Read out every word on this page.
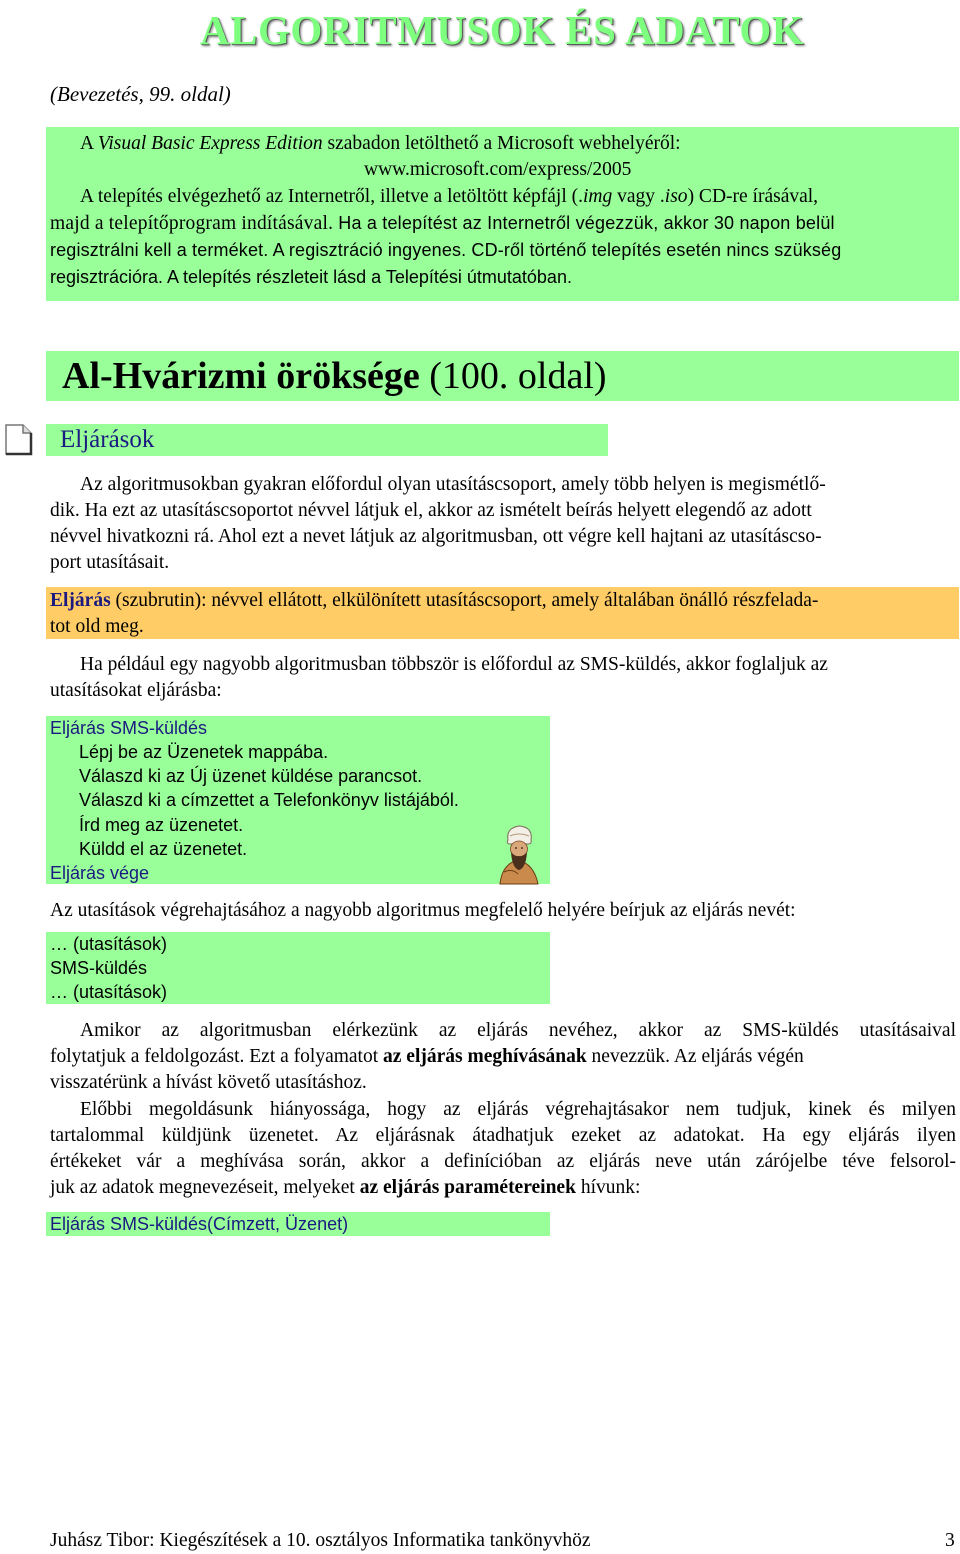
ALGORITMUSOK ÉS ADATOK
(Bevezetés, 99. oldal)
A Visual Basic Express Edition szabadon letölthető a Microsoft webhelyéről:
www.microsoft.com/express/2005
A telepítés elvégezhető az Internetről, illetve a letöltött képfájl (.img vagy .iso) CD-re írásával,
majd a telepítőprogram indításával. Ha a telepítést az Internetről végezzük, akkor 30 napon belül
regisztrálni kell a terméket. A regisztráció ingyenes. CD-ről történő telepítés esetén nincs szükség
regisztrációra. A telepítés részleteit lásd a Telepítési útmutatóban.
Al-Hvárizmi öröksége (100. oldal)
Eljárások
Az algoritmusokban gyakran előfordul olyan utasításcsoport, amely több helyen is megismétlő-
dik. Ha ezt az utasításcsoportot névvel látjuk el, akkor az ismételt beírás helyett elegendő az adott
névvel hivatkozni rá. Ahol ezt a nevet látjuk az algoritmusban, ott végre kell hajtani az utasításcso-
port utasításait.
Eljárás (szubrutin): névvel ellátott, elkülönített utasításcsoport, amely általában önálló részfelada-
tot old meg.
Ha például egy nagyobb algoritmusban többször is előfordul az SMS-küldés, akkor foglaljuk az
utasításokat eljárásba:
Eljárás SMS-küldés
Lépj be az Üzenetek mappába.
Válaszd ki az Új üzenet küldése parancsot.
Válaszd ki a címzettet a Telefonkönyv listájából.
Írd meg az üzenetet.
Küldd el az üzenetet.
Eljárás vége
Az utasítások végrehajtásához a nagyobb algoritmus megfelelő helyére beírjuk az eljárás nevét:
… (utasítások)
SMS-küldés
… (utasítások)
Amikor az algoritmusban elérkezünk az eljárás nevéhez, akkor az SMS-küldés utasításaival
folytatjuk a feldolgozást. Ezt a folyamatot az eljárás meghívásának nevezzük. Az eljárás végén
visszatérünk a hívást követő utasításhoz.
Előbbi megoldásunk hiányossága, hogy az eljárás végrehajtásakor nem tudjuk, kinek és milyen
tartalommal küldjünk üzenetet. Az eljárásnak átadhatjuk ezeket az adatokat. Ha egy eljárás ilyen
értékeket vár a meghívása során, akkor a definícióban az eljárás neve után zárójelbe téve felsorol-
juk az adatok megnevezéseit, melyeket az eljárás paramétereinek hívunk:
Eljárás SMS-küldés(Címzett, Üzenet)
Juhász Tibor: Kiegészítések a 10. osztályos Informatika tankönyvhöz	3
